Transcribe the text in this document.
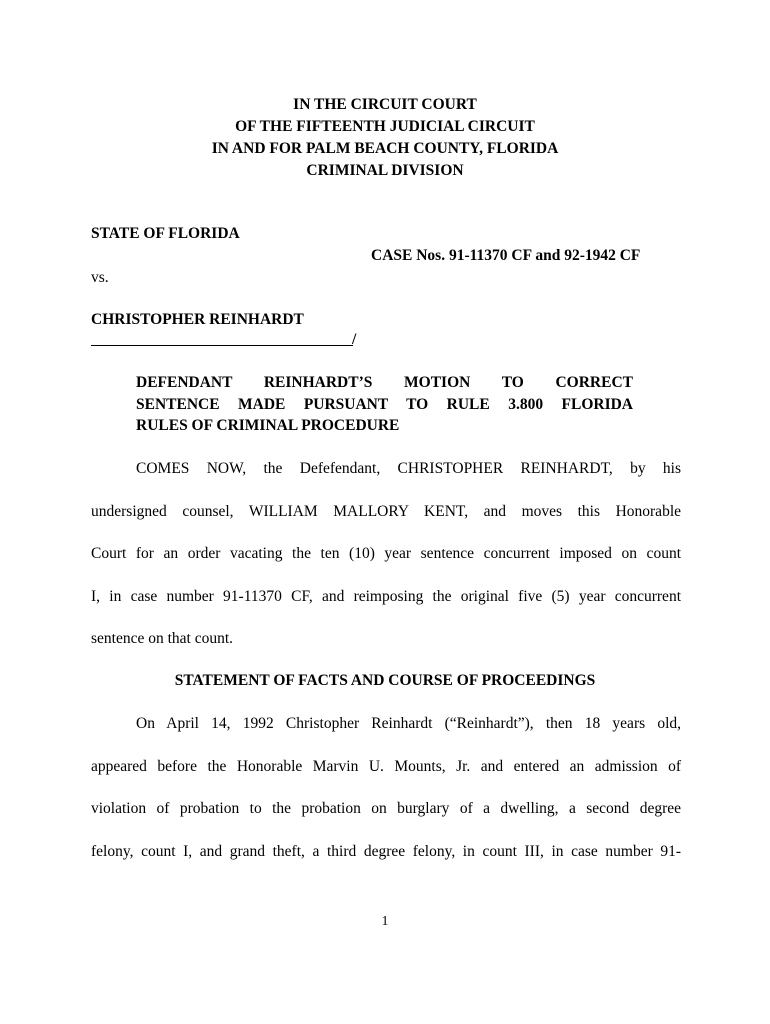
IN THE CIRCUIT COURT

OF THE FIFTEENTH JUDICIAL CIRCUIT

IN AND FOR PALM BEACH COUNTY, FLORIDA

CRIMINAL DIVISION

STATE OF FLORIDA

CASE Nos. 91-11370 CF and 92-1942 CF

vs.

CHRISTOPHER REINHARDT

/

DEFENDANT REINHARDT’S MOTION TO CORRECT
SENTENCE MADE PURSUANT TO RULE 3.800 FLORIDA
RULES OF CRIMINAL PROCEDURE

COMES NOW, the Defefendant, CHRISTOPHER REINHARDT, by his

undersigned counsel, WILLIAM MALLORY KENT, and moves this Honorable

Court for an order vacating the ten (10) year sentence concurrent imposed on count

I, in case number 91-11370 CF, and reimposing the original five (5) year concurrent

sentence on that count.

STATEMENT OF FACTS AND COURSE OF PROCEEDINGS

On April 14, 1992 Christopher Reinhardt (“Reinhardt”), then 18 years old,

appeared before the Honorable Marvin U. Mounts, Jr. and entered an admission of

violation of probation to the probation on burglary of a dwelling, a second degree

felony, count I, and grand theft, a third degree felony, in count III, in case number 91-

1
